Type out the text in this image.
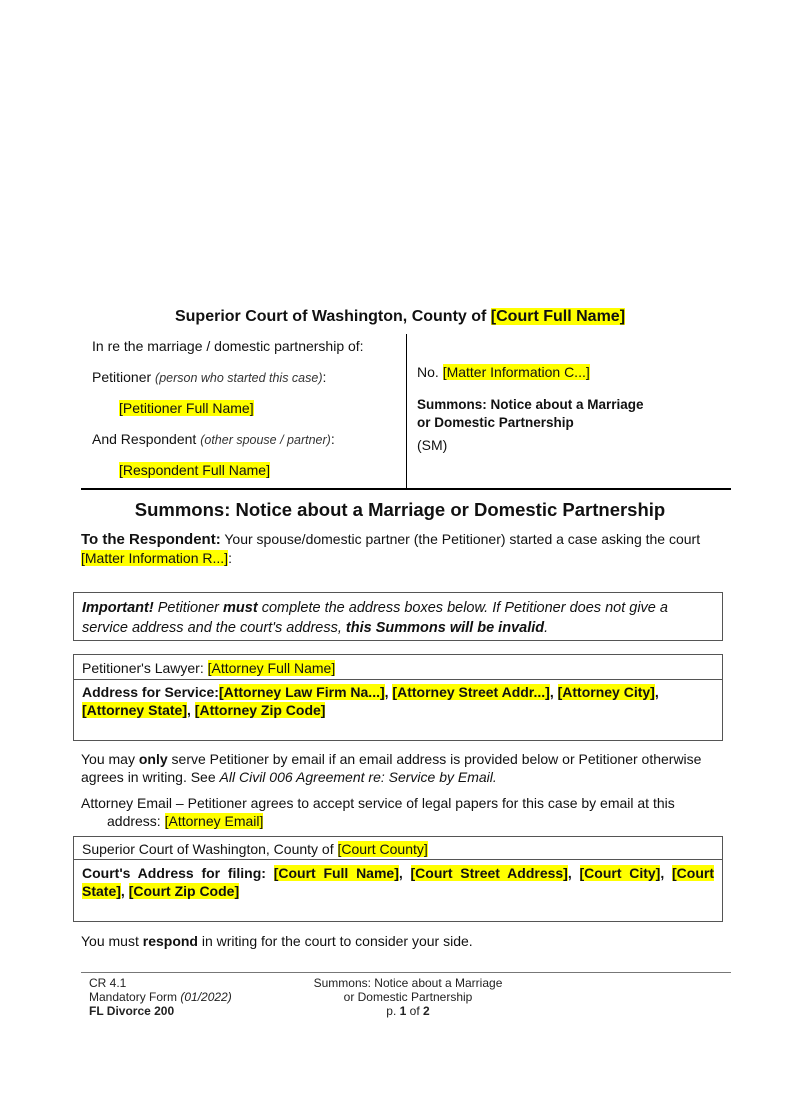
Superior Court of Washington, County of [Court Full Name]
In re the marriage / domestic partnership of:
Petitioner (person who started this case):
[Petitioner Full Name]
And Respondent (other spouse / partner):
[Respondent Full Name]
No. [Matter Information C...]
Summons: Notice about a Marriage
or Domestic Partnership
(SM)
Summons: Notice about a Marriage or Domestic Partnership
To the Respondent: Your spouse/domestic partner (the Petitioner) started a case asking the court [Matter Information R...]:
Important! Petitioner must complete the address boxes below. If Petitioner does not give a service address and the court's address, this Summons will be invalid.
Petitioner's Lawyer: [Attorney Full Name]
Address for Service:[Attorney Law Firm Na...], [Attorney Street Addr...], [Attorney City], [Attorney State], [Attorney Zip Code]
You may only serve Petitioner by email if an email address is provided below or Petitioner otherwise agrees in writing. See All Civil 006 Agreement re: Service by Email.
Attorney Email – Petitioner agrees to accept service of legal papers for this case by email at this address: [Attorney Email]
Superior Court of Washington, County of [Court County]
Court's Address for filing: [Court Full Name], [Court Street Address], [Court City], [Court State], [Court Zip Code]
You must respond in writing for the court to consider your side.
CR 4.1
Mandatory Form (01/2022)
FL Divorce 200
Summons: Notice about a Marriage
or Domestic Partnership
p. 1 of 2
